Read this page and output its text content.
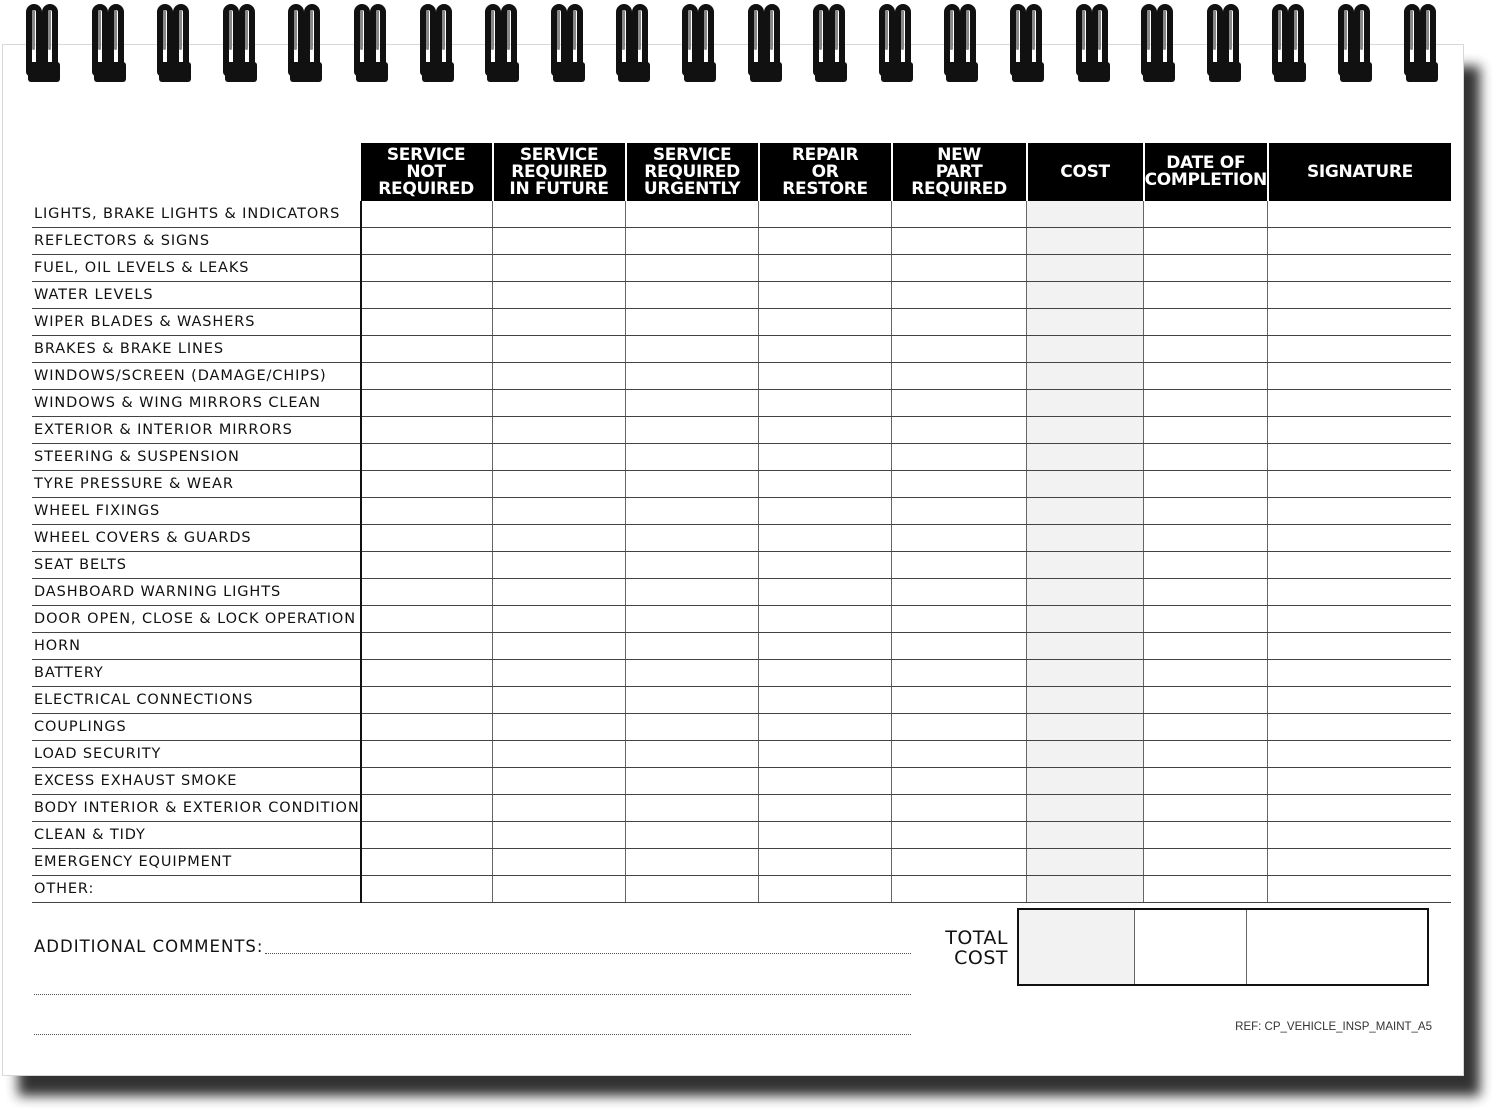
	SERVICE
NOT
REQUIRED	SERVICE
REQUIRED
IN FUTURE	SERVICE
REQUIRED
URGENTLY	REPAIR
OR
RESTORE	NEW
PART
REQUIRED	COST	DATE OF
COMPLETION	SIGNATURE
LIGHTS, BRAKE LIGHTS & INDICATORS								
REFLECTORS & SIGNS								
FUEL, OIL LEVELS & LEAKS								
WATER LEVELS								
WIPER BLADES & WASHERS								
BRAKES & BRAKE LINES								
WINDOWS/SCREEN (DAMAGE/CHIPS)								
WINDOWS & WING MIRRORS CLEAN								
EXTERIOR & INTERIOR MIRRORS								
STEERING & SUSPENSION								
TYRE PRESSURE & WEAR								
WHEEL FIXINGS								
WHEEL COVERS & GUARDS								
SEAT BELTS								
DASHBOARD WARNING LIGHTS								
DOOR OPEN, CLOSE & LOCK OPERATION								
HORN								
BATTERY								
ELECTRICAL CONNECTIONS								
COUPLINGS								
LOAD SECURITY								
EXCESS EXHAUST SMOKE								
BODY INTERIOR & EXTERIOR CONDITION								
CLEAN & TIDY								
EMERGENCY EQUIPMENT								
OTHER:								
ADDITIONAL COMMENTS:	TOTAL
COST
REF: CP_VEHICLE_INSP_MAINT_A5
